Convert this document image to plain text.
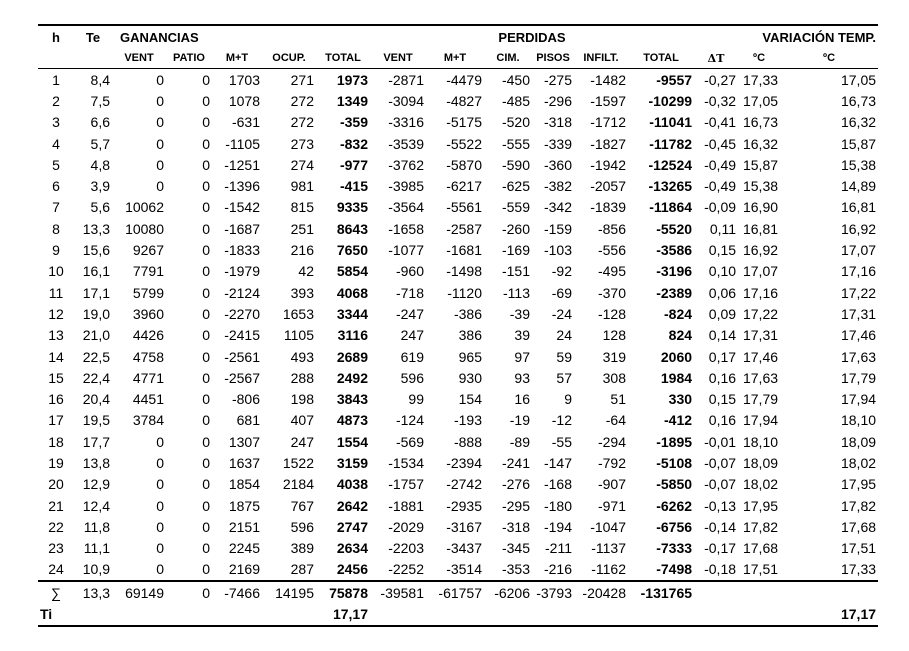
h	Te	GANANCIAS					PERDIDAS						VARIACIÓN TEMP.		
		VENT	PATIO	M+T	OCUP.	TOTAL	VENT	M+T	CIM.	PISOS	INFILT.	TOTAL	ΔT	ºC	ºC
1	8,4	0	0	1703	271	1973	-2871	-4479	-450	-275	-1482	-9557	-0,27	17,33	17,05
2	7,5	0	0	1078	272	1349	-3094	-4827	-485	-296	-1597	-10299	-0,32	17,05	16,73
3	6,6	0	0	-631	272	-359	-3316	-5175	-520	-318	-1712	-11041	-0,41	16,73	16,32
4	5,7	0	0	-1105	273	-832	-3539	-5522	-555	-339	-1827	-11782	-0,45	16,32	15,87
5	4,8	0	0	-1251	274	-977	-3762	-5870	-590	-360	-1942	-12524	-0,49	15,87	15,38
6	3,9	0	0	-1396	981	-415	-3985	-6217	-625	-382	-2057	-13265	-0,49	15,38	14,89
7	5,6	10062	0	-1542	815	9335	-3564	-5561	-559	-342	-1839	-11864	-0,09	16,90	16,81
8	13,3	10080	0	-1687	251	8643	-1658	-2587	-260	-159	-856	-5520	0,11	16,81	16,92
9	15,6	9267	0	-1833	216	7650	-1077	-1681	-169	-103	-556	-3586	0,15	16,92	17,07
10	16,1	7791	0	-1979	42	5854	-960	-1498	-151	-92	-495	-3196	0,10	17,07	17,16
11	17,1	5799	0	-2124	393	4068	-718	-1120	-113	-69	-370	-2389	0,06	17,16	17,22
12	19,0	3960	0	-2270	1653	3344	-247	-386	-39	-24	-128	-824	0,09	17,22	17,31
13	21,0	4426	0	-2415	1105	3116	247	386	39	24	128	824	0,14	17,31	17,46
14	22,5	4758	0	-2561	493	2689	619	965	97	59	319	2060	0,17	17,46	17,63
15	22,4	4771	0	-2567	288	2492	596	930	93	57	308	1984	0,16	17,63	17,79
16	20,4	4451	0	-806	198	3843	99	154	16	9	51	330	0,15	17,79	17,94
17	19,5	3784	0	681	407	4873	-124	-193	-19	-12	-64	-412	0,16	17,94	18,10
18	17,7	0	0	1307	247	1554	-569	-888	-89	-55	-294	-1895	-0,01	18,10	18,09
19	13,8	0	0	1637	1522	3159	-1534	-2394	-241	-147	-792	-5108	-0,07	18,09	18,02
20	12,9	0	0	1854	2184	4038	-1757	-2742	-276	-168	-907	-5850	-0,07	18,02	17,95
21	12,4	0	0	1875	767	2642	-1881	-2935	-295	-180	-971	-6262	-0,13	17,95	17,82
22	11,8	0	0	2151	596	2747	-2029	-3167	-318	-194	-1047	-6756	-0,14	17,82	17,68
23	11,1	0	0	2245	389	2634	-2203	-3437	-345	-211	-1137	-7333	-0,17	17,68	17,51
24	10,9	0	0	2169	287	2456	-2252	-3514	-353	-216	-1162	-7498	-0,18	17,51	17,33
∑	13,3	69149	0	-7466	14195	75878	-39581	-61757	-6206	-3793	-20428	-131765			
Ti						17,17									17,17
